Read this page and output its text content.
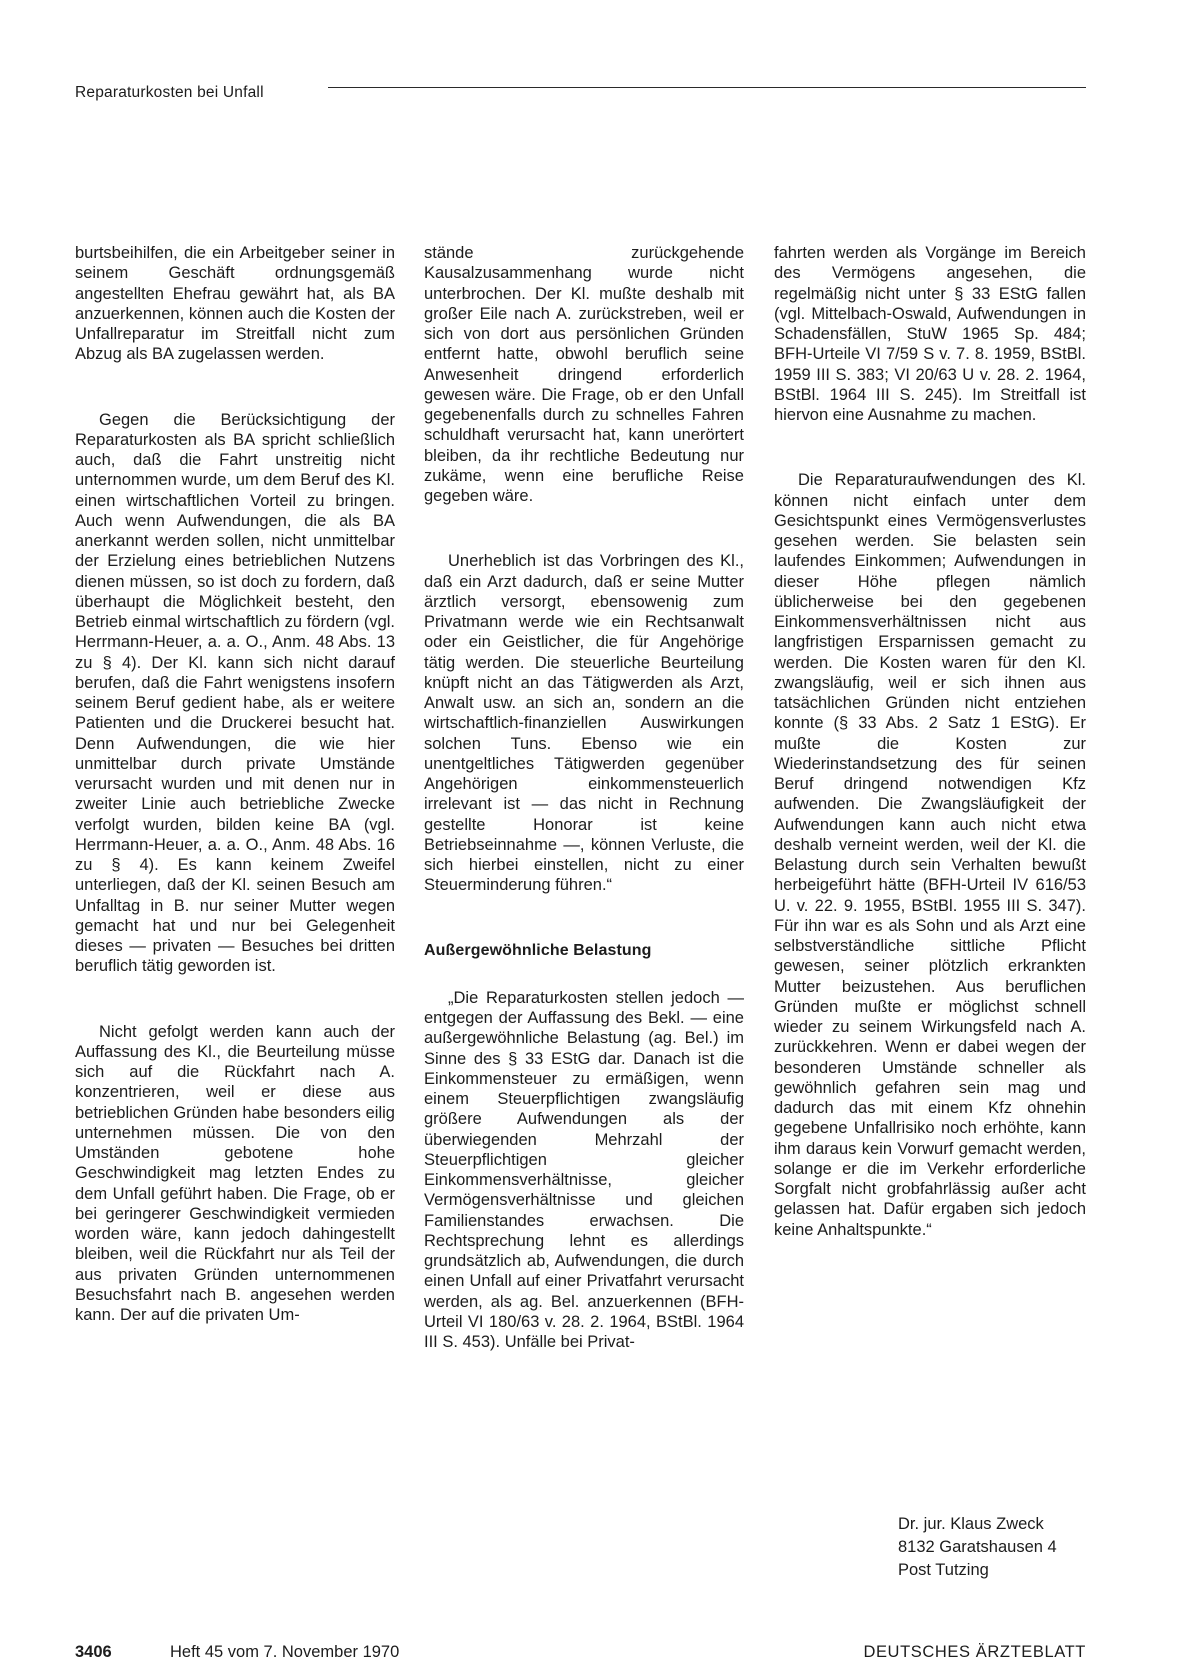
Reparaturkosten bei Unfall

burtsbeihilfen, die ein Arbeitgeber seiner in seinem Geschäft ordnungsgemäß angestellten Ehefrau gewährt hat, als BA anzuerkennen, können auch die Kosten der Unfallreparatur im Streitfall nicht zum Abzug als BA zugelassen werden.

Gegen die Berücksichtigung der Reparaturkosten als BA spricht schließlich auch, daß die Fahrt unstreitig nicht unternommen wurde, um dem Beruf des Kl. einen wirtschaftlichen Vorteil zu bringen. Auch wenn Aufwendungen, die als BA anerkannt werden sollen, nicht unmittelbar der Erzielung eines betrieblichen Nutzens dienen müssen, so ist doch zu fordern, daß überhaupt die Möglichkeit besteht, den Betrieb einmal wirtschaftlich zu fördern (vgl. Herrmann-Heuer, a. a. O., Anm. 48 Abs. 13 zu § 4). Der Kl. kann sich nicht darauf berufen, daß die Fahrt wenigstens insofern seinem Beruf gedient habe, als er weitere Patienten und die Druckerei besucht hat. Denn Aufwendungen, die wie hier unmittelbar durch private Umstände verursacht wurden und mit denen nur in zweiter Linie auch betriebliche Zwecke verfolgt wurden, bilden keine BA (vgl. Herrmann-Heuer, a. a. O., Anm. 48 Abs. 16 zu § 4). Es kann keinem Zweifel unterliegen, daß der Kl. seinen Besuch am Unfalltag in B. nur seiner Mutter wegen gemacht hat und nur bei Gelegenheit dieses — privaten — Besuches bei dritten beruflich tätig geworden ist.

Nicht gefolgt werden kann auch der Auffassung des Kl., die Beurteilung müsse sich auf die Rückfahrt nach A. konzentrieren, weil er diese aus betrieblichen Gründen habe besonders eilig unternehmen müssen. Die von den Umständen gebotene hohe Geschwindigkeit mag letzten Endes zu dem Unfall geführt haben. Die Frage, ob er bei geringerer Geschwindigkeit vermieden worden wäre, kann jedoch dahingestellt bleiben, weil die Rückfahrt nur als Teil der aus privaten Gründen unternommenen Besuchsfahrt nach B. angesehen werden kann. Der auf die privaten Um-

stände zurückgehende Kausalzusammenhang wurde nicht unterbrochen. Der Kl. mußte deshalb mit großer Eile nach A. zurückstreben, weil er sich von dort aus persönlichen Gründen entfernt hatte, obwohl beruflich seine Anwesenheit dringend erforderlich gewesen wäre. Die Frage, ob er den Unfall gegebenenfalls durch zu schnelles Fahren schuldhaft verursacht hat, kann unerörtert bleiben, da ihr rechtliche Bedeutung nur zukäme, wenn eine berufliche Reise gegeben wäre.

Unerheblich ist das Vorbringen des Kl., daß ein Arzt dadurch, daß er seine Mutter ärztlich versorgt, ebensowenig zum Privatmann werde wie ein Rechtsanwalt oder ein Geistlicher, die für Angehörige tätig werden. Die steuerliche Beurteilung knüpft nicht an das Tätigwerden als Arzt, Anwalt usw. an sich an, sondern an die wirtschaftlich-finanziellen Auswirkungen solchen Tuns. Ebenso wie ein unentgeltliches Tätigwerden gegenüber Angehörigen einkommensteuerlich irrelevant ist — das nicht in Rechnung gestellte Honorar ist keine Betriebseinnahme —, können Verluste, die sich hierbei einstellen, nicht zu einer Steuerminderung führen.“

Außergewöhnliche Belastung

„Die Reparaturkosten stellen jedoch — entgegen der Auffassung des Bekl. — eine außergewöhnliche Belastung (ag. Bel.) im Sinne des § 33 EStG dar. Danach ist die Einkommensteuer zu ermäßigen, wenn einem Steuerpflichtigen zwangsläufig größere Aufwendungen als der überwiegenden Mehrzahl der Steuerpflichtigen gleicher Einkommensverhältnisse, gleicher Vermögensverhältnisse und gleichen Familienstandes erwachsen. Die Rechtsprechung lehnt es allerdings grundsätzlich ab, Aufwendungen, die durch einen Unfall auf einer Privatfahrt verursacht werden, als ag. Bel. anzuerkennen (BFH-Urteil VI 180/63 v. 28. 2. 1964, BStBl. 1964 III S. 453). Unfälle bei Privat-

fahrten werden als Vorgänge im Bereich des Vermögens angesehen, die regelmäßig nicht unter § 33 EStG fallen (vgl. Mittelbach-Oswald, Aufwendungen in Schadensfällen, StuW 1965 Sp. 484; BFH-Urteile VI 7/59 S v. 7. 8. 1959, BStBl. 1959 III S. 383; VI 20/63 U v. 28. 2. 1964, BStBl. 1964 III S. 245). Im Streitfall ist hiervon eine Ausnahme zu machen.

Die Reparaturaufwendungen des Kl. können nicht einfach unter dem Gesichtspunkt eines Vermögensverlustes gesehen werden. Sie belasten sein laufendes Einkommen; Aufwendungen in dieser Höhe pflegen nämlich üblicherweise bei den gegebenen Einkommensverhältnissen nicht aus langfristigen Ersparnissen gemacht zu werden. Die Kosten waren für den Kl. zwangsläufig, weil er sich ihnen aus tatsächlichen Gründen nicht entziehen konnte (§ 33 Abs. 2 Satz 1 EStG). Er mußte die Kosten zur Wiederinstandsetzung des für seinen Beruf dringend notwendigen Kfz aufwenden. Die Zwangsläufigkeit der Aufwendungen kann auch nicht etwa deshalb verneint werden, weil der Kl. die Belastung durch sein Verhalten bewußt herbeigeführt hätte (BFH-Urteil IV 616/53 U. v. 22. 9. 1955, BStBl. 1955 III S. 347). Für ihn war es als Sohn und als Arzt eine selbstverständliche sittliche Pflicht gewesen, seiner plötzlich erkrankten Mutter beizustehen. Aus beruflichen Gründen mußte er möglichst schnell wieder zu seinem Wirkungsfeld nach A. zurückkehren. Wenn er dabei wegen der besonderen Umstände schneller als gewöhnlich gefahren sein mag und dadurch das mit einem Kfz ohnehin gegebene Unfallrisiko noch erhöhte, kann ihm daraus kein Vorwurf gemacht werden, solange er die im Verkehr erforderliche Sorgfalt nicht grobfahrlässig außer acht gelassen hat. Dafür ergaben sich jedoch keine Anhaltspunkte.“

Dr. jur. Klaus Zweck
8132 Garatshausen 4
Post Tutzing
3406	Heft 45 vom 7. November 1970	DEUTSCHES ÄRZTEBLATT
